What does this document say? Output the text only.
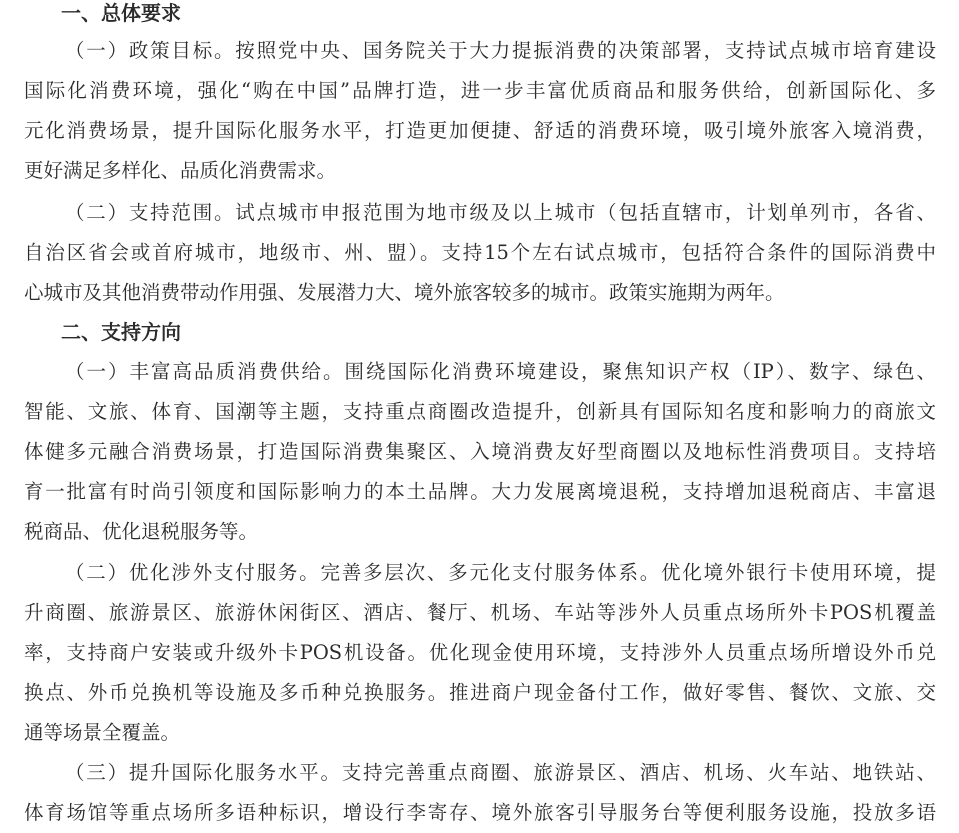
一、总体要求
（一）政策目标。按照党中央、国务院关于大力提振消费的决策部署，支持试点城市培育建设
国际化消费环境，强化“购在中国”品牌打造，进一步丰富优质商品和服务供给，创新国际化、多
元化消费场景，提升国际化服务水平，打造更加便捷、舒适的消费环境，吸引境外旅客入境消费，
更好满足多样化、品质化消费需求。
（二）支持范围。试点城市申报范围为地市级及以上城市（包括直辖市，计划单列市，各省、
自治区省会或首府城市，地级市、州、盟）。支持15个左右试点城市，包括符合条件的国际消费中
心城市及其他消费带动作用强、发展潜力大、境外旅客较多的城市。政策实施期为两年。
二、支持方向
（一）丰富高品质消费供给。围绕国际化消费环境建设，聚焦知识产权（IP）、数字、绿色、
智能、文旅、体育、国潮等主题，支持重点商圈改造提升，创新具有国际知名度和影响力的商旅文
体健多元融合消费场景，打造国际消费集聚区、入境消费友好型商圈以及地标性消费项目。支持培
育一批富有时尚引领度和国际影响力的本土品牌。大力发展离境退税，支持增加退税商店、丰富退
税商品、优化退税服务等。
（二）优化涉外支付服务。完善多层次、多元化支付服务体系。优化境外银行卡使用环境，提
升商圈、旅游景区、旅游休闲街区、酒店、餐厅、机场、车站等涉外人员重点场所外卡POS机覆盖
率，支持商户安装或升级外卡POS机设备。优化现金使用环境，支持涉外人员重点场所增设外币兑
换点、外币兑换机等设施及多币种兑换服务。推进商户现金备付工作，做好零售、餐饮、文旅、交
通等场景全覆盖。
（三）提升国际化服务水平。支持完善重点商圈、旅游景区、酒店、机场、火车站、地铁站、
体育场馆等重点场所多语种标识，增设行李寄存、境外旅客引导服务台等便利服务设施，投放多语
